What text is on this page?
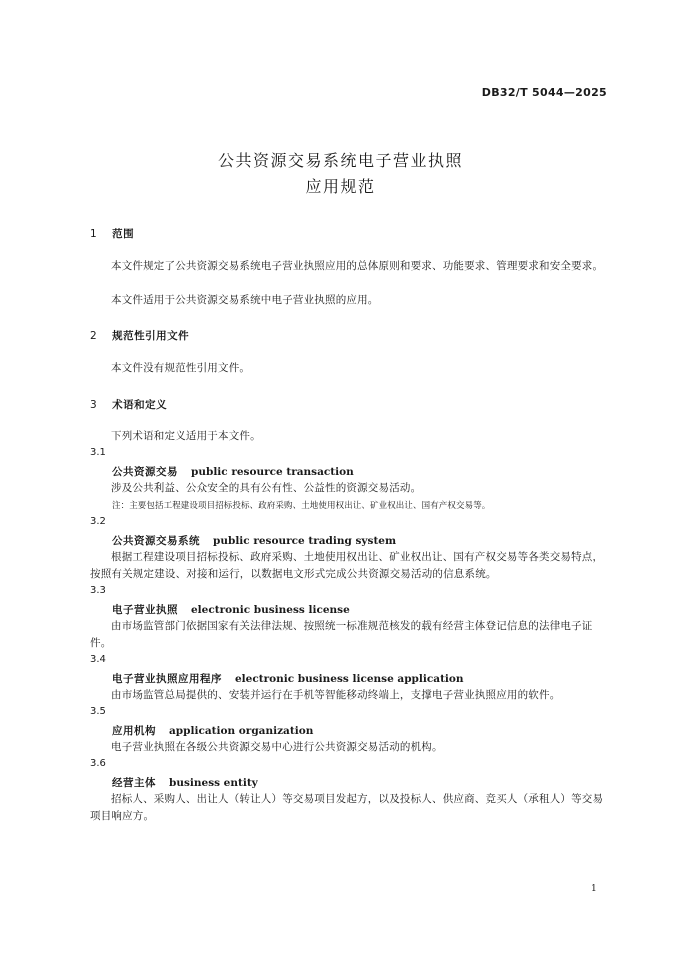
DB32/T 5044—2025
公共资源交易系统电子营业执照
应用规范
1 范围
本文件规定了公共资源交易系统电子营业执照应用的总体原则和要求、功能要求、管理要求和安全要求。
本文件适用于公共资源交易系统中电子营业执照的应用。
2 规范性引用文件
本文件没有规范性引用文件。
3 术语和定义
下列术语和定义适用于本文件。
3.1
公共资源交易 public resource transaction
涉及公共利益、公众安全的具有公有性、公益性的资源交易活动。
注：主要包括工程建设项目招标投标、政府采购、土地使用权出让、矿业权出让、国有产权交易等。
3.2
公共资源交易系统 public resource trading system
根据工程建设项目招标投标、政府采购、土地使用权出让、矿业权出让、国有产权交易等各类交易特点，按照有关规定建设、对接和运行，以数据电文形式完成公共资源交易活动的信息系统。
3.3
电子营业执照 electronic business license
由市场监管部门依据国家有关法律法规、按照统一标准规范核发的载有经营主体登记信息的法律电子证件。
3.4
电子营业执照应用程序 electronic business license application
由市场监管总局提供的、安装并运行在手机等智能移动终端上，支撑电子营业执照应用的软件。
3.5
应用机构 application organization
电子营业执照在各级公共资源交易中心进行公共资源交易活动的机构。
3.6
经营主体 business entity
招标人、采购人、出让人（转让人）等交易项目发起方，以及投标人、供应商、竞买人（承租人）等交易项目响应方。
1
